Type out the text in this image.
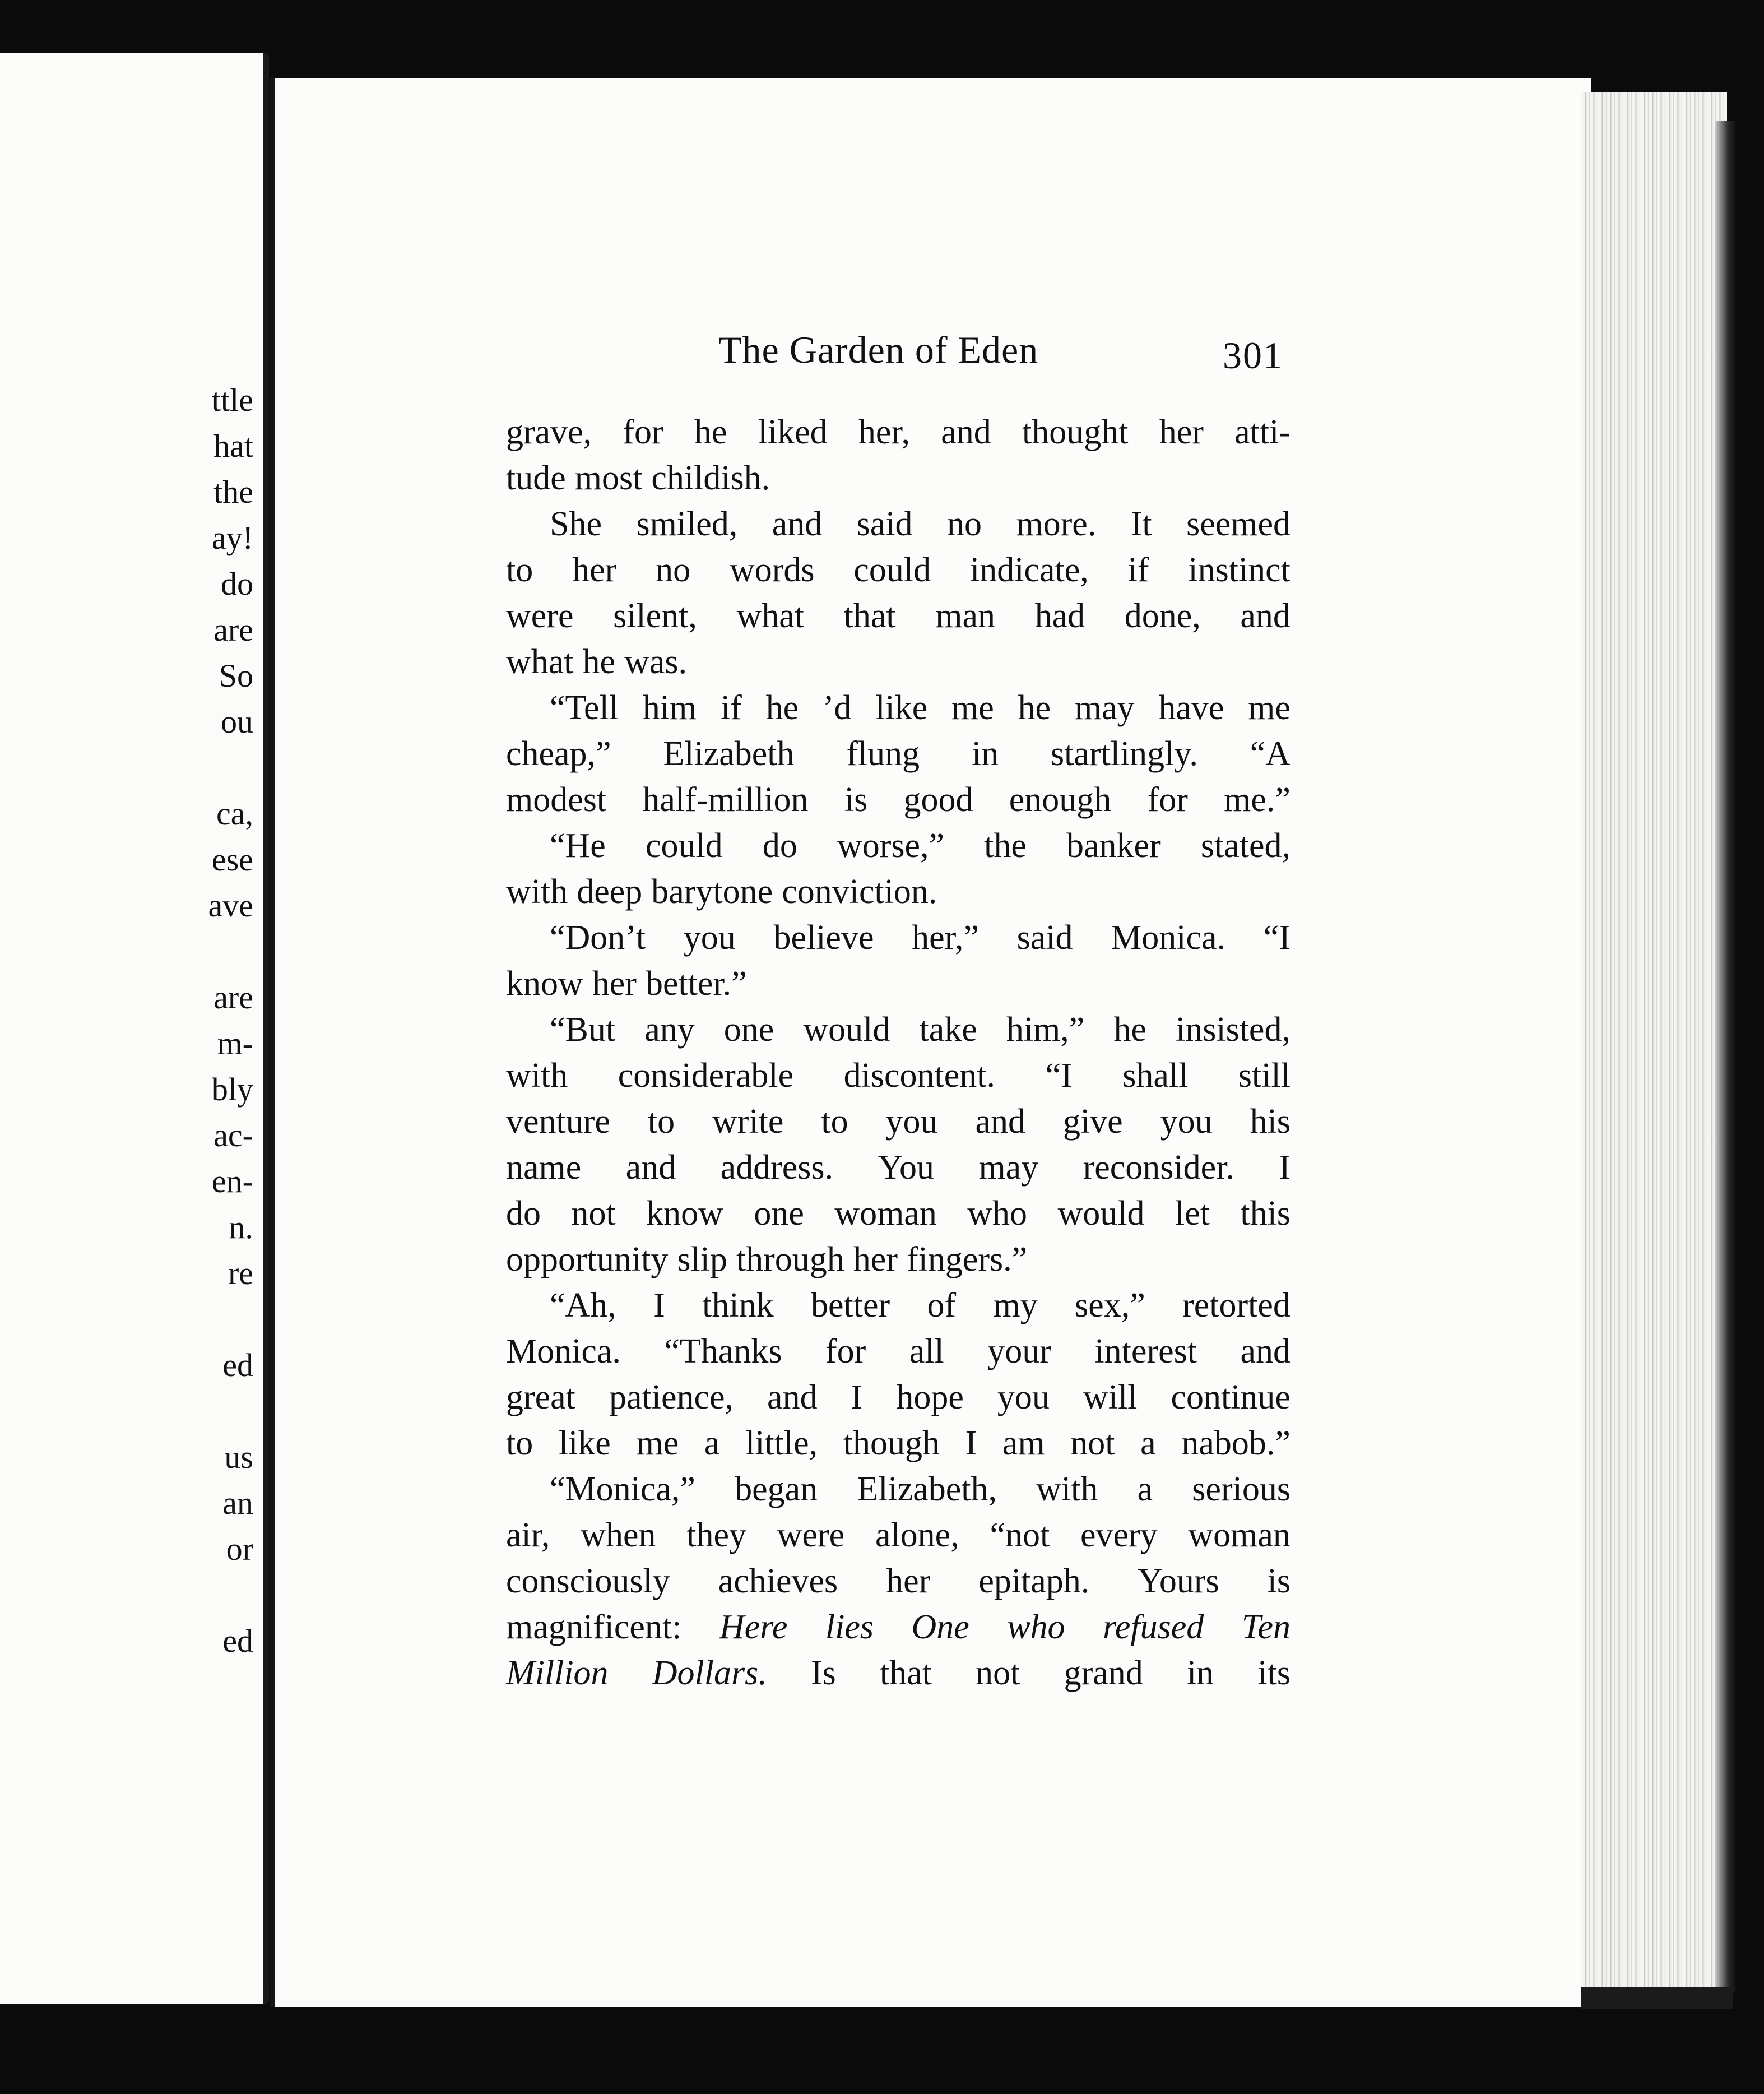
ttle
hat
the
ay!
do
are
So
ou
ca,
ese
ave
are
m-
bly
ac-
en-
n.
re
ed
us
an
or
ed
The Garden of Eden	301
grave, for he liked her, and thought her atti-
tude most childish.
She smiled, and said no more. It seemed
to her no words could indicate, if instinct
were silent, what that man had done, and
what he was.
“Tell him if he ’d like me he may have me
cheap,” Elizabeth flung in startlingly. “A
modest half-million is good enough for me.”
“He could do worse,” the banker stated,
with deep barytone conviction.
“Don’t you believe her,” said Monica. “I
know her better.”
“But any one would take him,” he insisted,
with considerable discontent. “I shall still
venture to write to you and give you his
name and address. You may reconsider. I
do not know one woman who would let this
opportunity slip through her fingers.”
“Ah, I think better of my sex,” retorted
Monica. “Thanks for all your interest and
great patience, and I hope you will continue
to like me a little, though I am not a nabob.”
“Monica,” began Elizabeth, with a serious
air, when they were alone, “not every woman
consciously achieves her epitaph. Yours is
magnificent: Here lies One who refused Ten
Million Dollars. Is that not grand in its
